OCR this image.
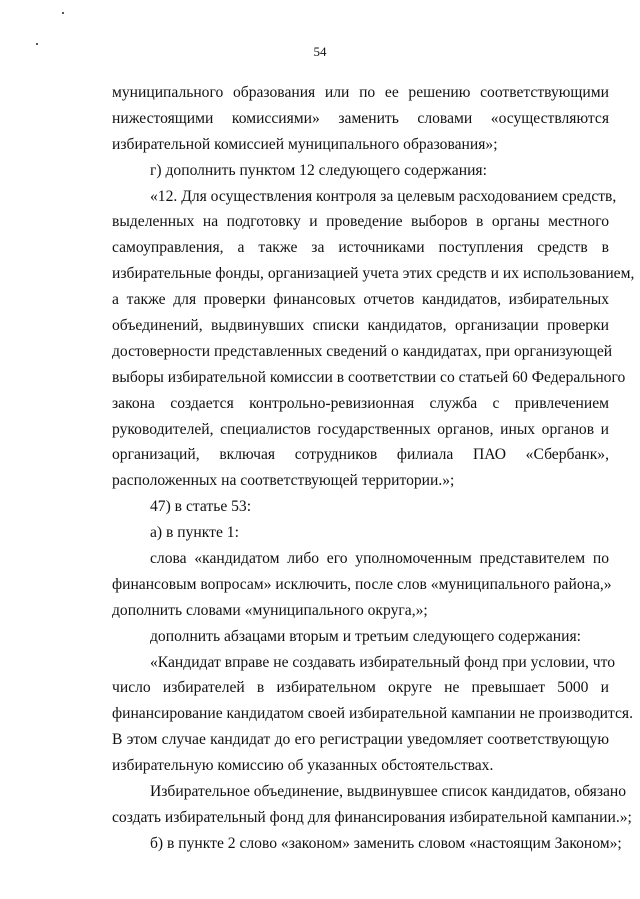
54
муниципального образования или по ее решению соответствующими
нижестоящими комиссиями» заменить словами «осуществляются
избирательной комиссией муниципального образования»;
г) дополнить пунктом 12 следующего содержания:
«12. Для осуществления контроля за целевым расходованием средств,
выделенных на подготовку и проведение выборов в органы местного
самоуправления, а также за источниками поступления средств в
избирательные фонды, организацией учета этих средств и их использованием,
а также для проверки финансовых отчетов кандидатов, избирательных
объединений, выдвинувших списки кандидатов, организации проверки
достоверности представленных сведений о кандидатах, при организующей
выборы избирательной комиссии в соответствии со статьей 60 Федерального
закона создается контрольно-ревизионная служба с привлечением
руководителей, специалистов государственных органов, иных органов и
организаций, включая сотрудников филиала ПАО «Сбербанк»,
расположенных на соответствующей территории.»;
47) в статье 53:
а) в пункте 1:
слова «кандидатом либо его уполномоченным представителем по
финансовым вопросам» исключить, после слов «муниципального района,»
дополнить словами «муниципального округа,»;
дополнить абзацами вторым и третьим следующего содержания:
«Кандидат вправе не создавать избирательный фонд при условии, что
число избирателей в избирательном округе не превышает 5000 и
финансирование кандидатом своей избирательной кампании не производится.
В этом случае кандидат до его регистрации уведомляет соответствующую
избирательную комиссию об указанных обстоятельствах.
Избирательное объединение, выдвинувшее список кандидатов, обязано
создать избирательный фонд для финансирования избирательной кампании.»;
б) в пункте 2 слово «законом» заменить словом «настоящим Законом»;
